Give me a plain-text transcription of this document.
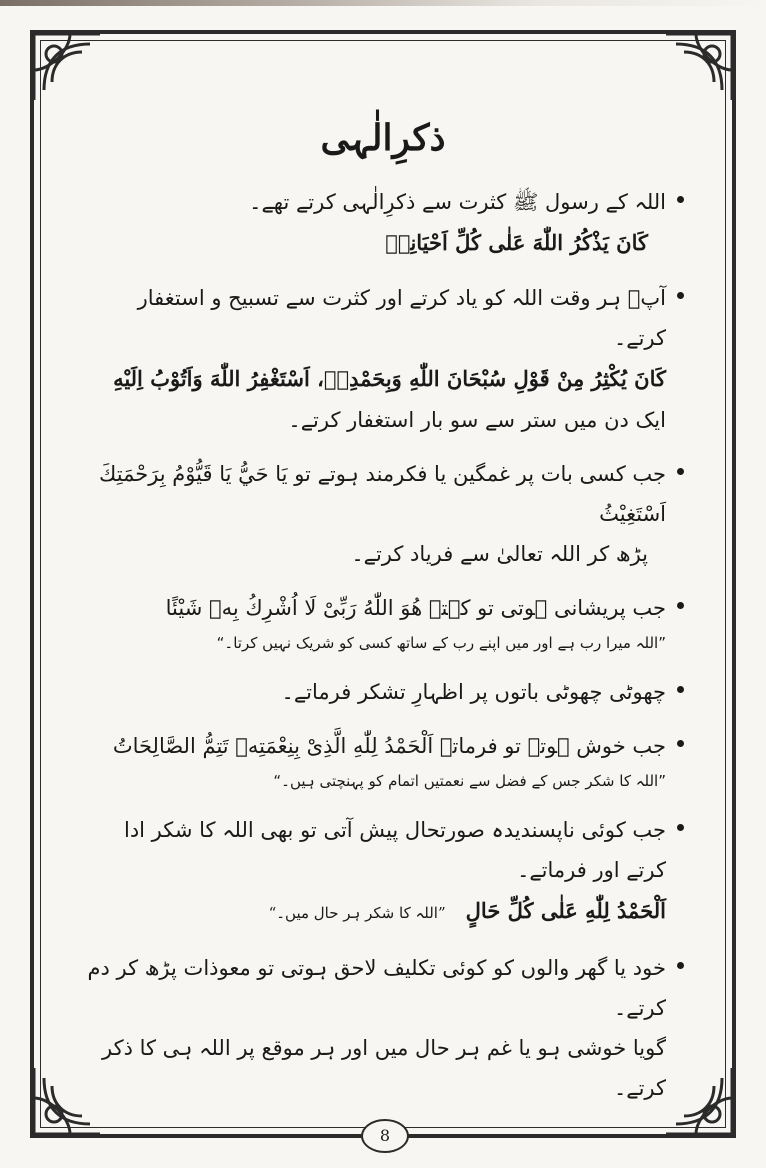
ذکرِالٰہی
اللہ کے رسول ﷺ کثرت سے ذکرِالٰہی کرتے تھے۔
كَانَ يَذْكُرُ اللّٰهَ عَلٰى كُلِّ اَحْيَانِهٖ
آپؐ ہر وقت اللہ کو یاد کرتے اور کثرت سے تسبیح و استغفار کرتے۔
كَانَ يُكْثِرُ مِنْ قَوْلِ سُبْحَانَ اللّٰهِ وَبِحَمْدِهٖ، اَسْتَغْفِرُ اللّٰهَ وَاَتُوْبُ اِلَيْهِ
ایک دن میں ستر سے سو بار استغفار کرتے۔
جب کسی بات پر غمگین یا فکرمند ہوتے تو يَا حَيُّ يَا قَيُّوْمُ بِرَحْمَتِكَ اَسْتَغِيْثُ
پڑھ کر اللہ تعالیٰ سے فریاد کرتے۔
جب پریشانی ہوتی تو کہتے هُوَ اللّٰهُ رَبِّىْ لَا اُشْرِكُ بِهٖ شَيْئًا
”اللہ میرا رب ہے اور میں اپنے رب کے ساتھ کسی کو شریک نہیں کرتا۔“
چھوٹی چھوٹی باتوں پر اظہارِ تشکر فرماتے۔
جب خوش ہوتے تو فرماتے اَلْحَمْدُ لِلّٰهِ الَّذِىْ بِنِعْمَتِهٖ تَتِمُّ الصَّالِحَاتُ
”اللہ کا شکر جس کے فضل سے نعمتیں اتمام کو پہنچتی ہیں۔“
جب کوئی ناپسندیدہ صورتحال پیش آتی تو بھی اللہ کا شکر ادا کرتے اور فرماتے۔
اَلْحَمْدُ لِلّٰهِ عَلٰى كُلِّ حَالٍ”اللہ کا شکر ہر حال میں۔“
خود یا گھر والوں کو کوئی تکلیف لاحق ہوتی تو معوذات پڑھ کر دم کرتے۔
گویا خوشی ہو یا غم ہر حال میں اور ہر موقع پر اللہ ہی کا ذکر کرتے۔
8
